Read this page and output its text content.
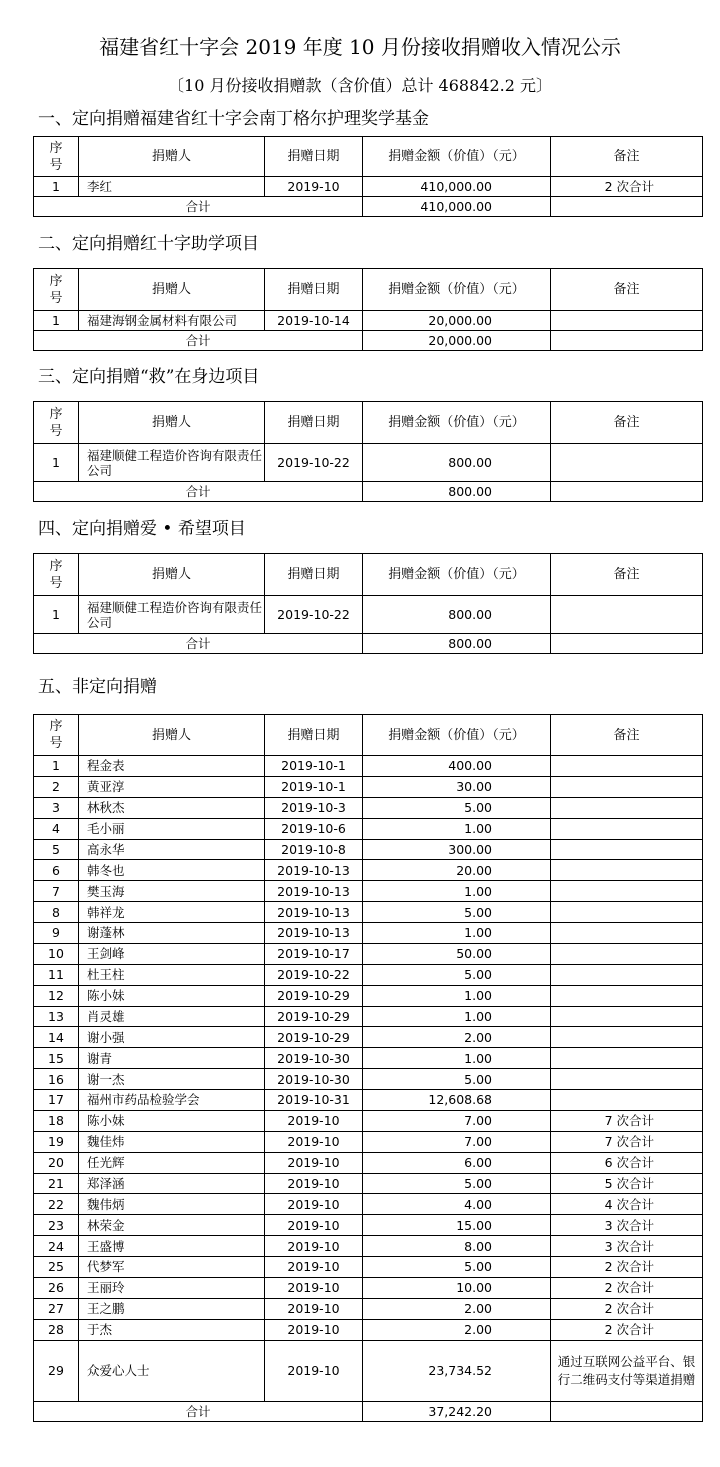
福建省红十字会 2019 年度 10 月份接收捐赠收入情况公示
〔10 月份接收捐赠款（含价值）总计 468842.2 元〕
一、定向捐赠福建省红十字会南丁格尔护理奖学基金
序
号	捐赠人	捐赠日期	捐赠金额（价值）（元）	备注
1	李红	2019-10	410,000.00	2 次合计
合计			410,000.00	
二、定向捐赠红十字助学项目
序
号	捐赠人	捐赠日期	捐赠金额（价值）（元）	备注
1	福建海钢金属材料有限公司	2019-10-14	20,000.00	
合计			20,000.00	
三、定向捐赠“救”在身边项目
序
号	捐赠人	捐赠日期	捐赠金额（价值）（元）	备注
1	福建顺健工程造价咨询有限责任公司	2019-10-22	800.00	
合计			800.00	
四、定向捐赠爱 • 希望项目
序
号	捐赠人	捐赠日期	捐赠金额（价值）（元）	备注
1	福建顺健工程造价咨询有限责任公司	2019-10-22	800.00	
合计			800.00	
五、非定向捐赠
序
号	捐赠人	捐赠日期	捐赠金额（价值）（元）	备注
1	程金表	2019-10-1	400.00	
2	黄亚淳	2019-10-1	30.00	
3	林秋杰	2019-10-3	5.00	
4	毛小丽	2019-10-6	1.00	
5	高永华	2019-10-8	300.00	
6	韩冬也	2019-10-13	20.00	
7	樊玉海	2019-10-13	1.00	
8	韩祥龙	2019-10-13	5.00	
9	谢蓬林	2019-10-13	1.00	
10	王剑峰	2019-10-17	50.00	
11	杜王柱	2019-10-22	5.00	
12	陈小妹	2019-10-29	1.00	
13	肖灵雄	2019-10-29	1.00	
14	谢小强	2019-10-29	2.00	
15	谢青	2019-10-30	1.00	
16	谢一杰	2019-10-30	5.00	
17	福州市药品检验学会	2019-10-31	12,608.68	
18	陈小妹	2019-10	7.00	7 次合计
19	魏佳炜	2019-10	7.00	7 次合计
20	任光辉	2019-10	6.00	6 次合计
21	郑泽涵	2019-10	5.00	5 次合计
22	魏伟炳	2019-10	4.00	4 次合计
23	林荣金	2019-10	15.00	3 次合计
24	王盛博	2019-10	8.00	3 次合计
25	代梦军	2019-10	5.00	2 次合计
26	王丽玲	2019-10	10.00	2 次合计
27	王之鹏	2019-10	2.00	2 次合计
28	于杰	2019-10	2.00	2 次合计
29	众爱心人士	2019-10	23,734.52	通过互联网公益平台、银行二维码支付等渠道捐赠
合计			37,242.20	
